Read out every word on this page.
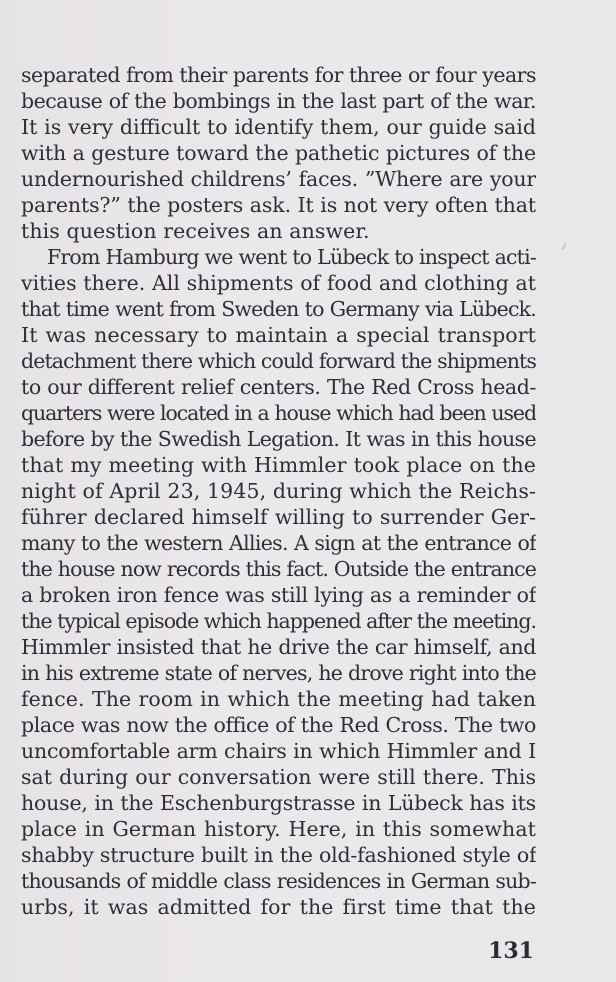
separated from their parents for three or four years
because of the bombings in the last part of the war.
It is very difficult to identify them, our guide said
with a gesture toward the pathetic pictures of the
undernourished childrens’ faces. ”Where are your
parents?” the posters ask. It is not very often that
this question receives an answer.
From Hamburg we went to Lübeck to inspect acti-
vities there. All shipments of food and clothing at
that time went from Sweden to Germany via Lübeck.
It was necessary to maintain a special transport
detachment there which could forward the shipments
to our different relief centers. The Red Cross head-
quarters were located in a house which had been used
before by the Swedish Legation. It was in this house
that my meeting with Himmler took place on the
night of April 23, 1945, during which the Reichs-
führer declared himself willing to surrender Ger-
many to the western Allies. A sign at the entrance of
the house now records this fact. Outside the entrance
a broken iron fence was still lying as a reminder of
the typical episode which happened after the meeting.
Himmler insisted that he drive the car himself, and
in his extreme state of nerves, he drove right into the
fence. The room in which the meeting had taken
place was now the office of the Red Cross. The two
uncomfortable arm chairs in which Himmler and I
sat during our conversation were still there. This
house, in the Eschenburgstrasse in Lübeck has its
place in German history. Here, in this somewhat
shabby structure built in the old-fashioned style of
thousands of middle class residences in German sub-
urbs, it was admitted for the first time that the
131
